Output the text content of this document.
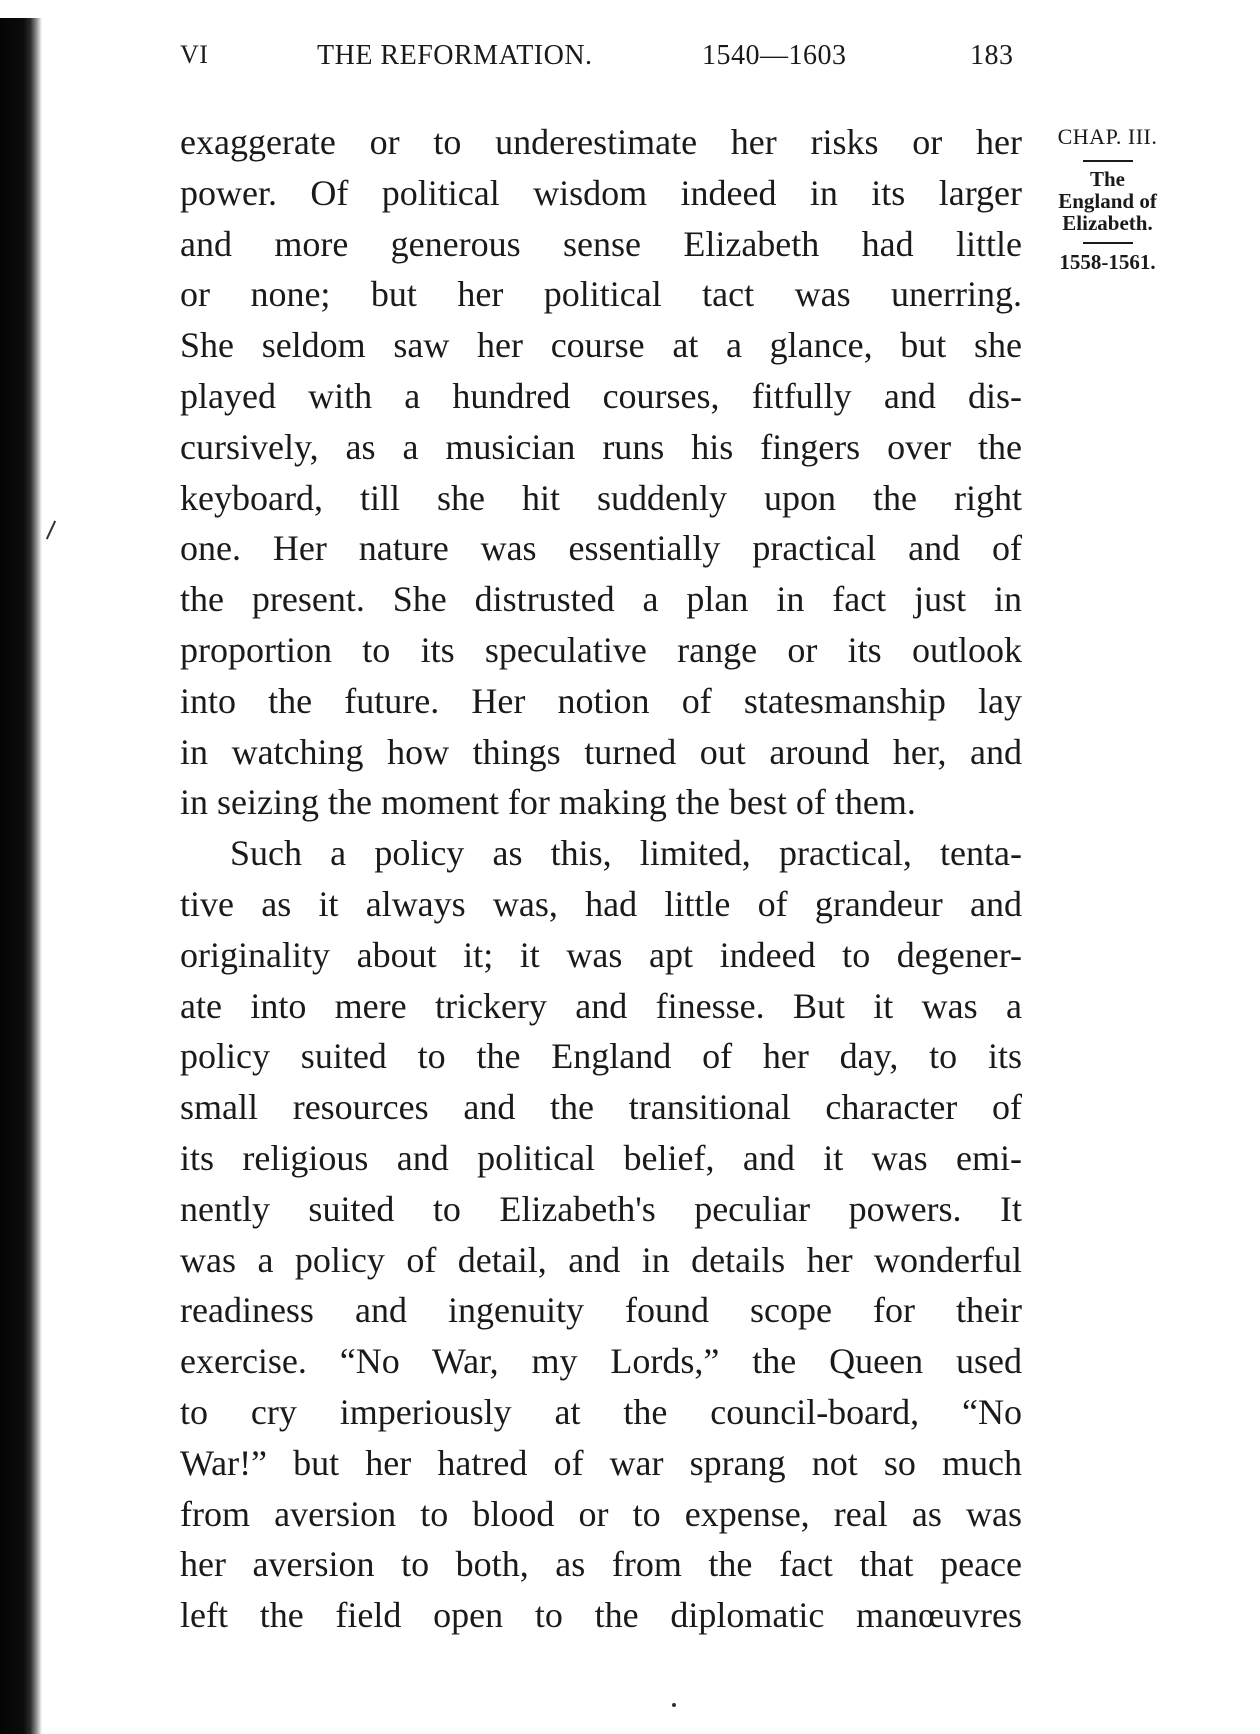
VI	THE REFORMATION.	1540—1603	183
CHAP. III.
The
England of
Elizabeth.
1558-1561.
exaggerate or to underestimate her risks or her
power. Of political wisdom indeed in its larger
and more generous sense Elizabeth had little
or none; but her political tact was unerring.
She seldom saw her course at a glance, but she
played with a hundred courses, fitfully and dis-
cursively, as a musician runs his fingers over the
keyboard, till she hit suddenly upon the right
one. Her nature was essentially practical and of
the present. She distrusted a plan in fact just in
proportion to its speculative range or its outlook
into the future. Her notion of statesmanship lay
in watching how things turned out around her, and
in seizing the moment for making the best of them.
Such a policy as this, limited, practical, tenta-
tive as it always was, had little of grandeur and
originality about it; it was apt indeed to degener-
ate into mere trickery and finesse. But it was a
policy suited to the England of her day, to its
small resources and the transitional character of
its religious and political belief, and it was emi-
nently suited to Elizabeth's peculiar powers. It
was a policy of detail, and in details her wonderful
readiness and ingenuity found scope for their
exercise. “No War, my Lords,” the Queen used
to cry imperiously at the council-board, “No
War!” but her hatred of war sprang not so much
from aversion to blood or to expense, real as was
her aversion to both, as from the fact that peace
left the field open to the diplomatic manœuvres
